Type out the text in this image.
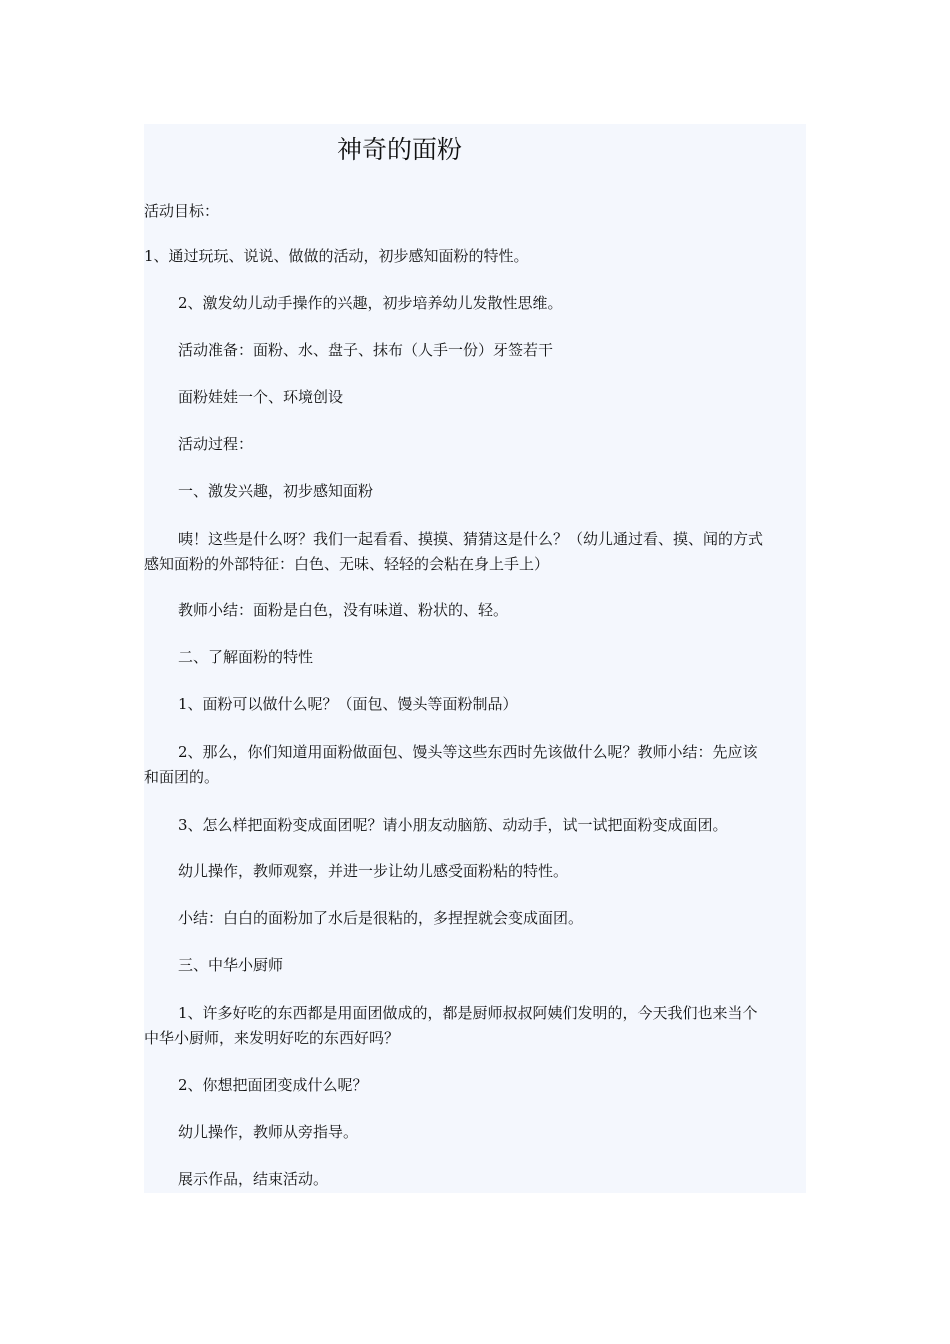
神奇的面粉
活动目标：
1、通过玩玩、说说、做做的活动，初步感知面粉的特性。
2、激发幼儿动手操作的兴趣，初步培养幼儿发散性思维。
活动准备：面粉、水、盘子、抹布（人手一份）牙签若干
面粉娃娃一个、环境创设
活动过程：
一、激发兴趣，初步感知面粉
咦！这些是什么呀？我们一起看看、摸摸、猜猜这是什么？（幼儿通过看、摸、闻的方式
感知面粉的外部特征：白色、无味、轻轻的会粘在身上手上）
教师小结：面粉是白色，没有味道、粉状的、轻。
二、了解面粉的特性
1、面粉可以做什么呢？（面包、馒头等面粉制品）
2、那么，你们知道用面粉做面包、馒头等这些东西时先该做什么呢？教师小结：先应该
和面团的。
3、怎么样把面粉变成面团呢？请小朋友动脑筋、动动手，试一试把面粉变成面团。
幼儿操作，教师观察，并进一步让幼儿感受面粉粘的特性。
小结：白白的面粉加了水后是很粘的，多捏捏就会变成面团。
三、中华小厨师
1、许多好吃的东西都是用面团做成的，都是厨师叔叔阿姨们发明的，今天我们也来当个
中华小厨师，来发明好吃的东西好吗？
2、你想把面团变成什么呢？
幼儿操作，教师从旁指导。
展示作品，结束活动。
